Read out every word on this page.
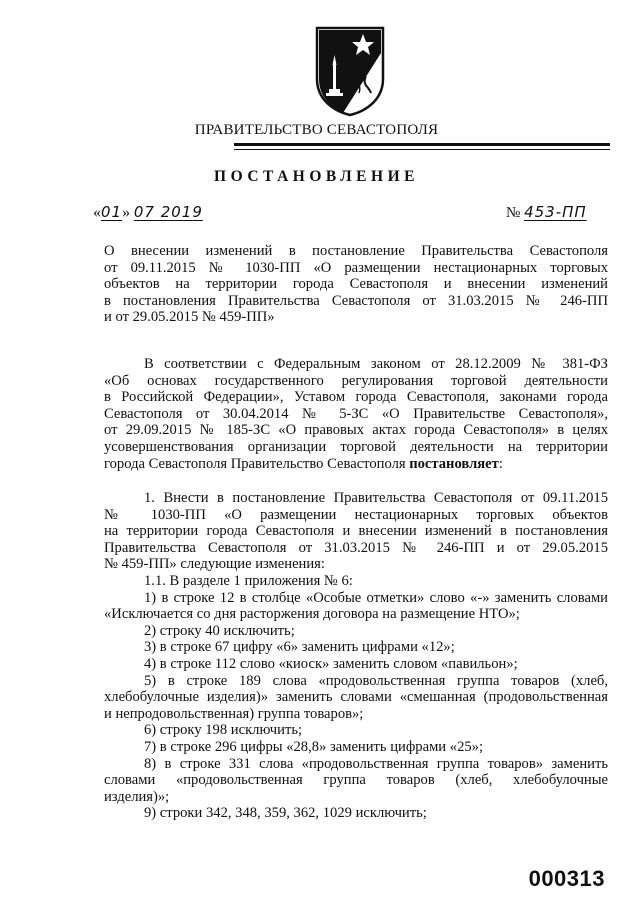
ПРАВИТЕЛЬСТВО СЕВАСТОПОЛЯ
ПОСТАНОВЛЕНИЕ
«01» 07 2019	№ 453-ПП
О внесении изменений в постановление Правительства Севастополя
от 09.11.2015 № 1030-ПП «О размещении нестационарных торговых
объектов на территории города Севастополя и внесении изменений
в постановления Правительства Севастополя от 31.03.2015 № 246-ПП
и от 29.05.2015 № 459-ПП»
В соответствии с Федеральным законом от 28.12.2009 № 381-ФЗ
«Об основах государственного регулирования торговой деятельности
в Российской Федерации», Уставом города Севастополя, законами города
Севастополя от 30.04.2014 № 5-ЗС «О Правительстве Севастополя»,
от 29.09.2015 № 185-ЗС «О правовых актах города Севастополя» в целях
усовершенствования организации торговой деятельности на территории
города Севастополя Правительство Севастополя постановляет:
1. Внести в постановление Правительства Севастополя от 09.11.2015
№ 1030-ПП «О размещении нестационарных торговых объектов
на территории города Севастополя и внесении изменений в постановления
Правительства Севастополя от 31.03.2015 № 246-ПП и от 29.05.2015
№ 459-ПП» следующие изменения:
1.1. В разделе 1 приложения № 6:
1) в строке 12 в столбце «Особые отметки» слово «-» заменить словами
«Исключается со дня расторжения договора на размещение НТО»;
2) строку 40 исключить;
3) в строке 67 цифру «6» заменить цифрами «12»;
4) в строке 112 слово «киоск» заменить словом «павильон»;
5) в строке 189 слова «продовольственная группа товаров (хлеб,
хлебобулочные изделия)» заменить словами «смешанная (продовольственная
и непродовольственная) группа товаров»;
6) строку 198 исключить;
7) в строке 296 цифры «28,8» заменить цифрами «25»;
8) в строке 331 слова «продовольственная группа товаров» заменить
словами «продовольственная группа товаров (хлеб, хлебобулочные
изделия)»;
9) строки 342, 348, 359, 362, 1029 исключить;
000313
